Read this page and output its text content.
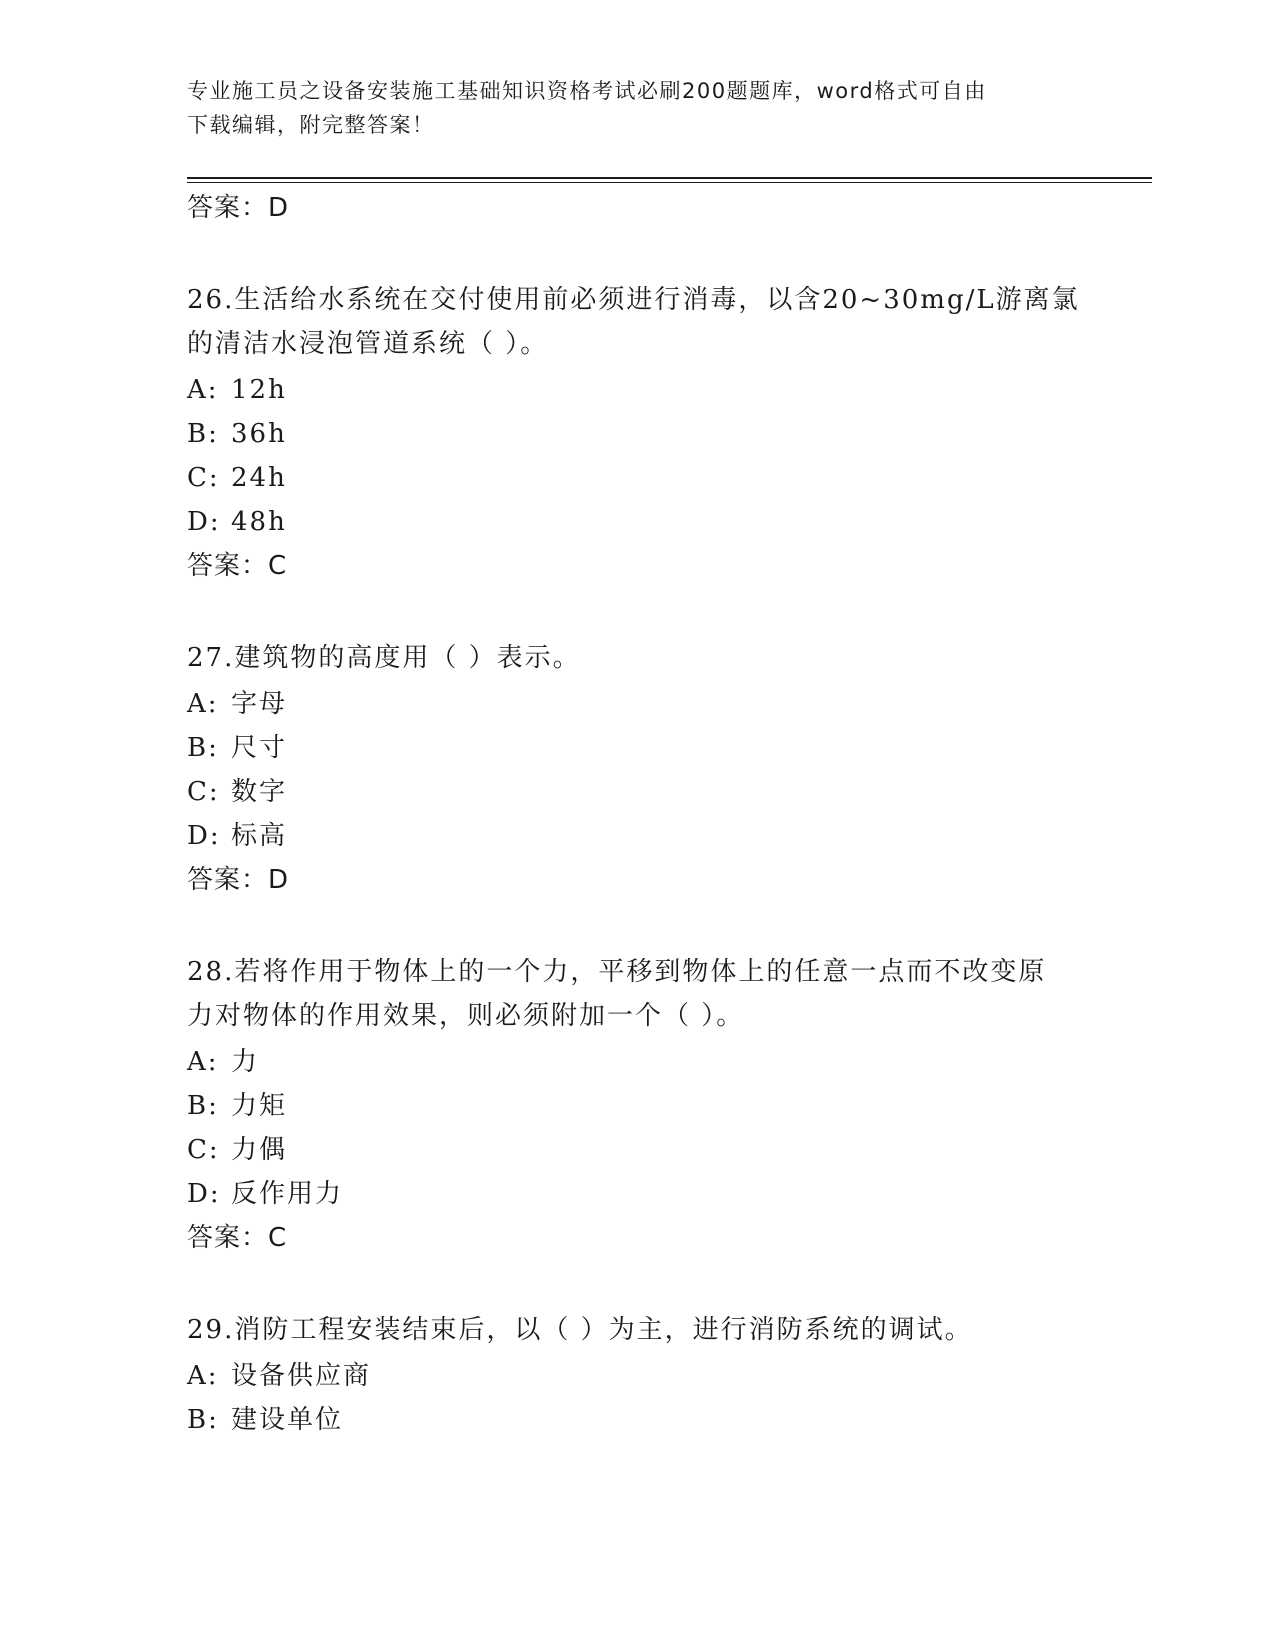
专业施工员之设备安装施工基础知识资格考试必刷200题题库，word格式可自由
下载编辑，附完整答案！
答案：D
26.生活给水系统在交付使用前必须进行消毒，以含20~30mg/L游离氯
的清洁水浸泡管道系统（ ）。
A: 12h
B: 36h
C: 24h
D: 48h
答案：C
27.建筑物的高度用（ ）表示。
A: 字母
B: 尺寸
C: 数字
D: 标高
答案：D
28.若将作用于物体上的一个力，平移到物体上的任意一点而不改变原
力对物体的作用效果，则必须附加一个（ ）。
A: 力
B: 力矩
C: 力偶
D: 反作用力
答案：C
29.消防工程安装结束后，以（ ）为主，进行消防系统的调试。
A: 设备供应商
B: 建设单位
